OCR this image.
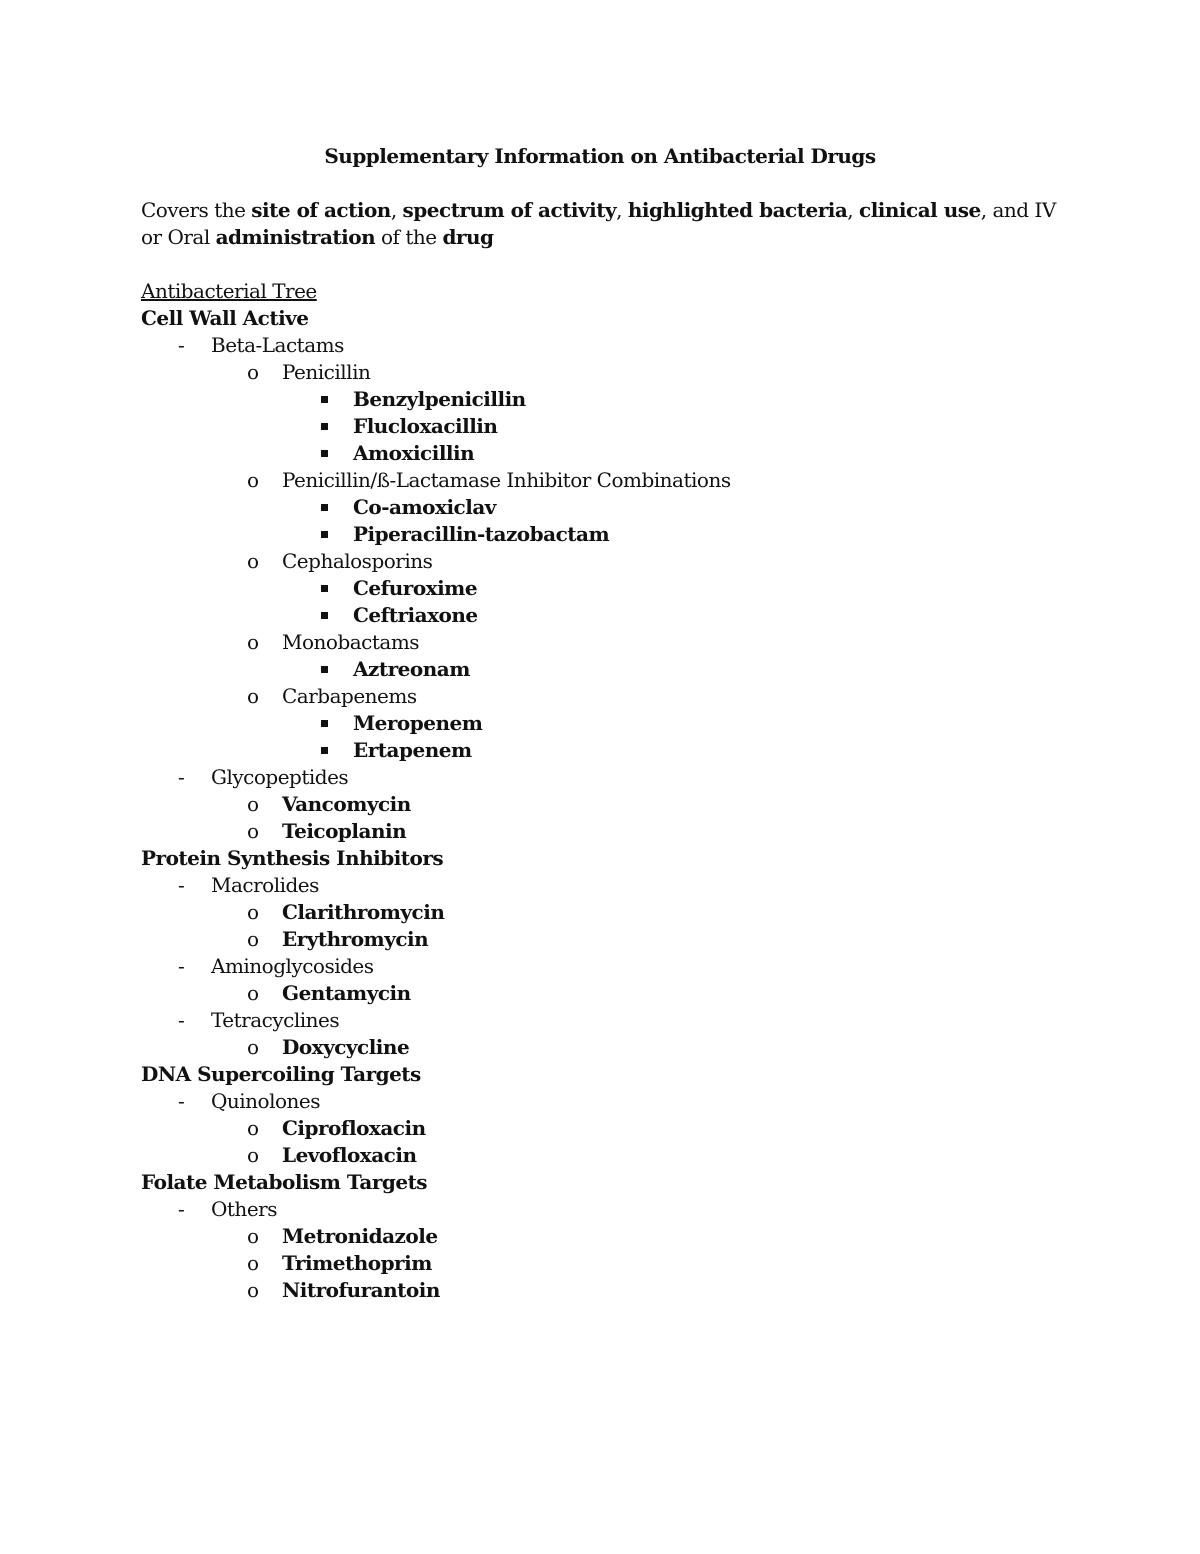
Supplementary Information on Antibacterial Drugs
Covers the site of action, spectrum of activity, highlighted bacteria, clinical use, and IV or Oral administration of the drug
Antibacterial Tree
Cell Wall Active
- Beta-Lactams
o Penicillin
Benzylpenicillin
Flucloxacillin
Amoxicillin
o Penicillin/ß-Lactamase Inhibitor Combinations
Co-amoxiclav
Piperacillin-tazobactam
o Cephalosporins
Cefuroxime
Ceftriaxone
o Monobactams
Aztreonam
o Carbapenems
Meropenem
Ertapenem
- Glycopeptides
o Vancomycin
o Teicoplanin
Protein Synthesis Inhibitors
- Macrolides
o Clarithromycin
o Erythromycin
- Aminoglycosides
o Gentamycin
- Tetracyclines
o Doxycycline
DNA Supercoiling Targets
- Quinolones
o Ciprofloxacin
o Levofloxacin
Folate Metabolism Targets
- Others
o Metronidazole
o Trimethoprim
o Nitrofurantoin
